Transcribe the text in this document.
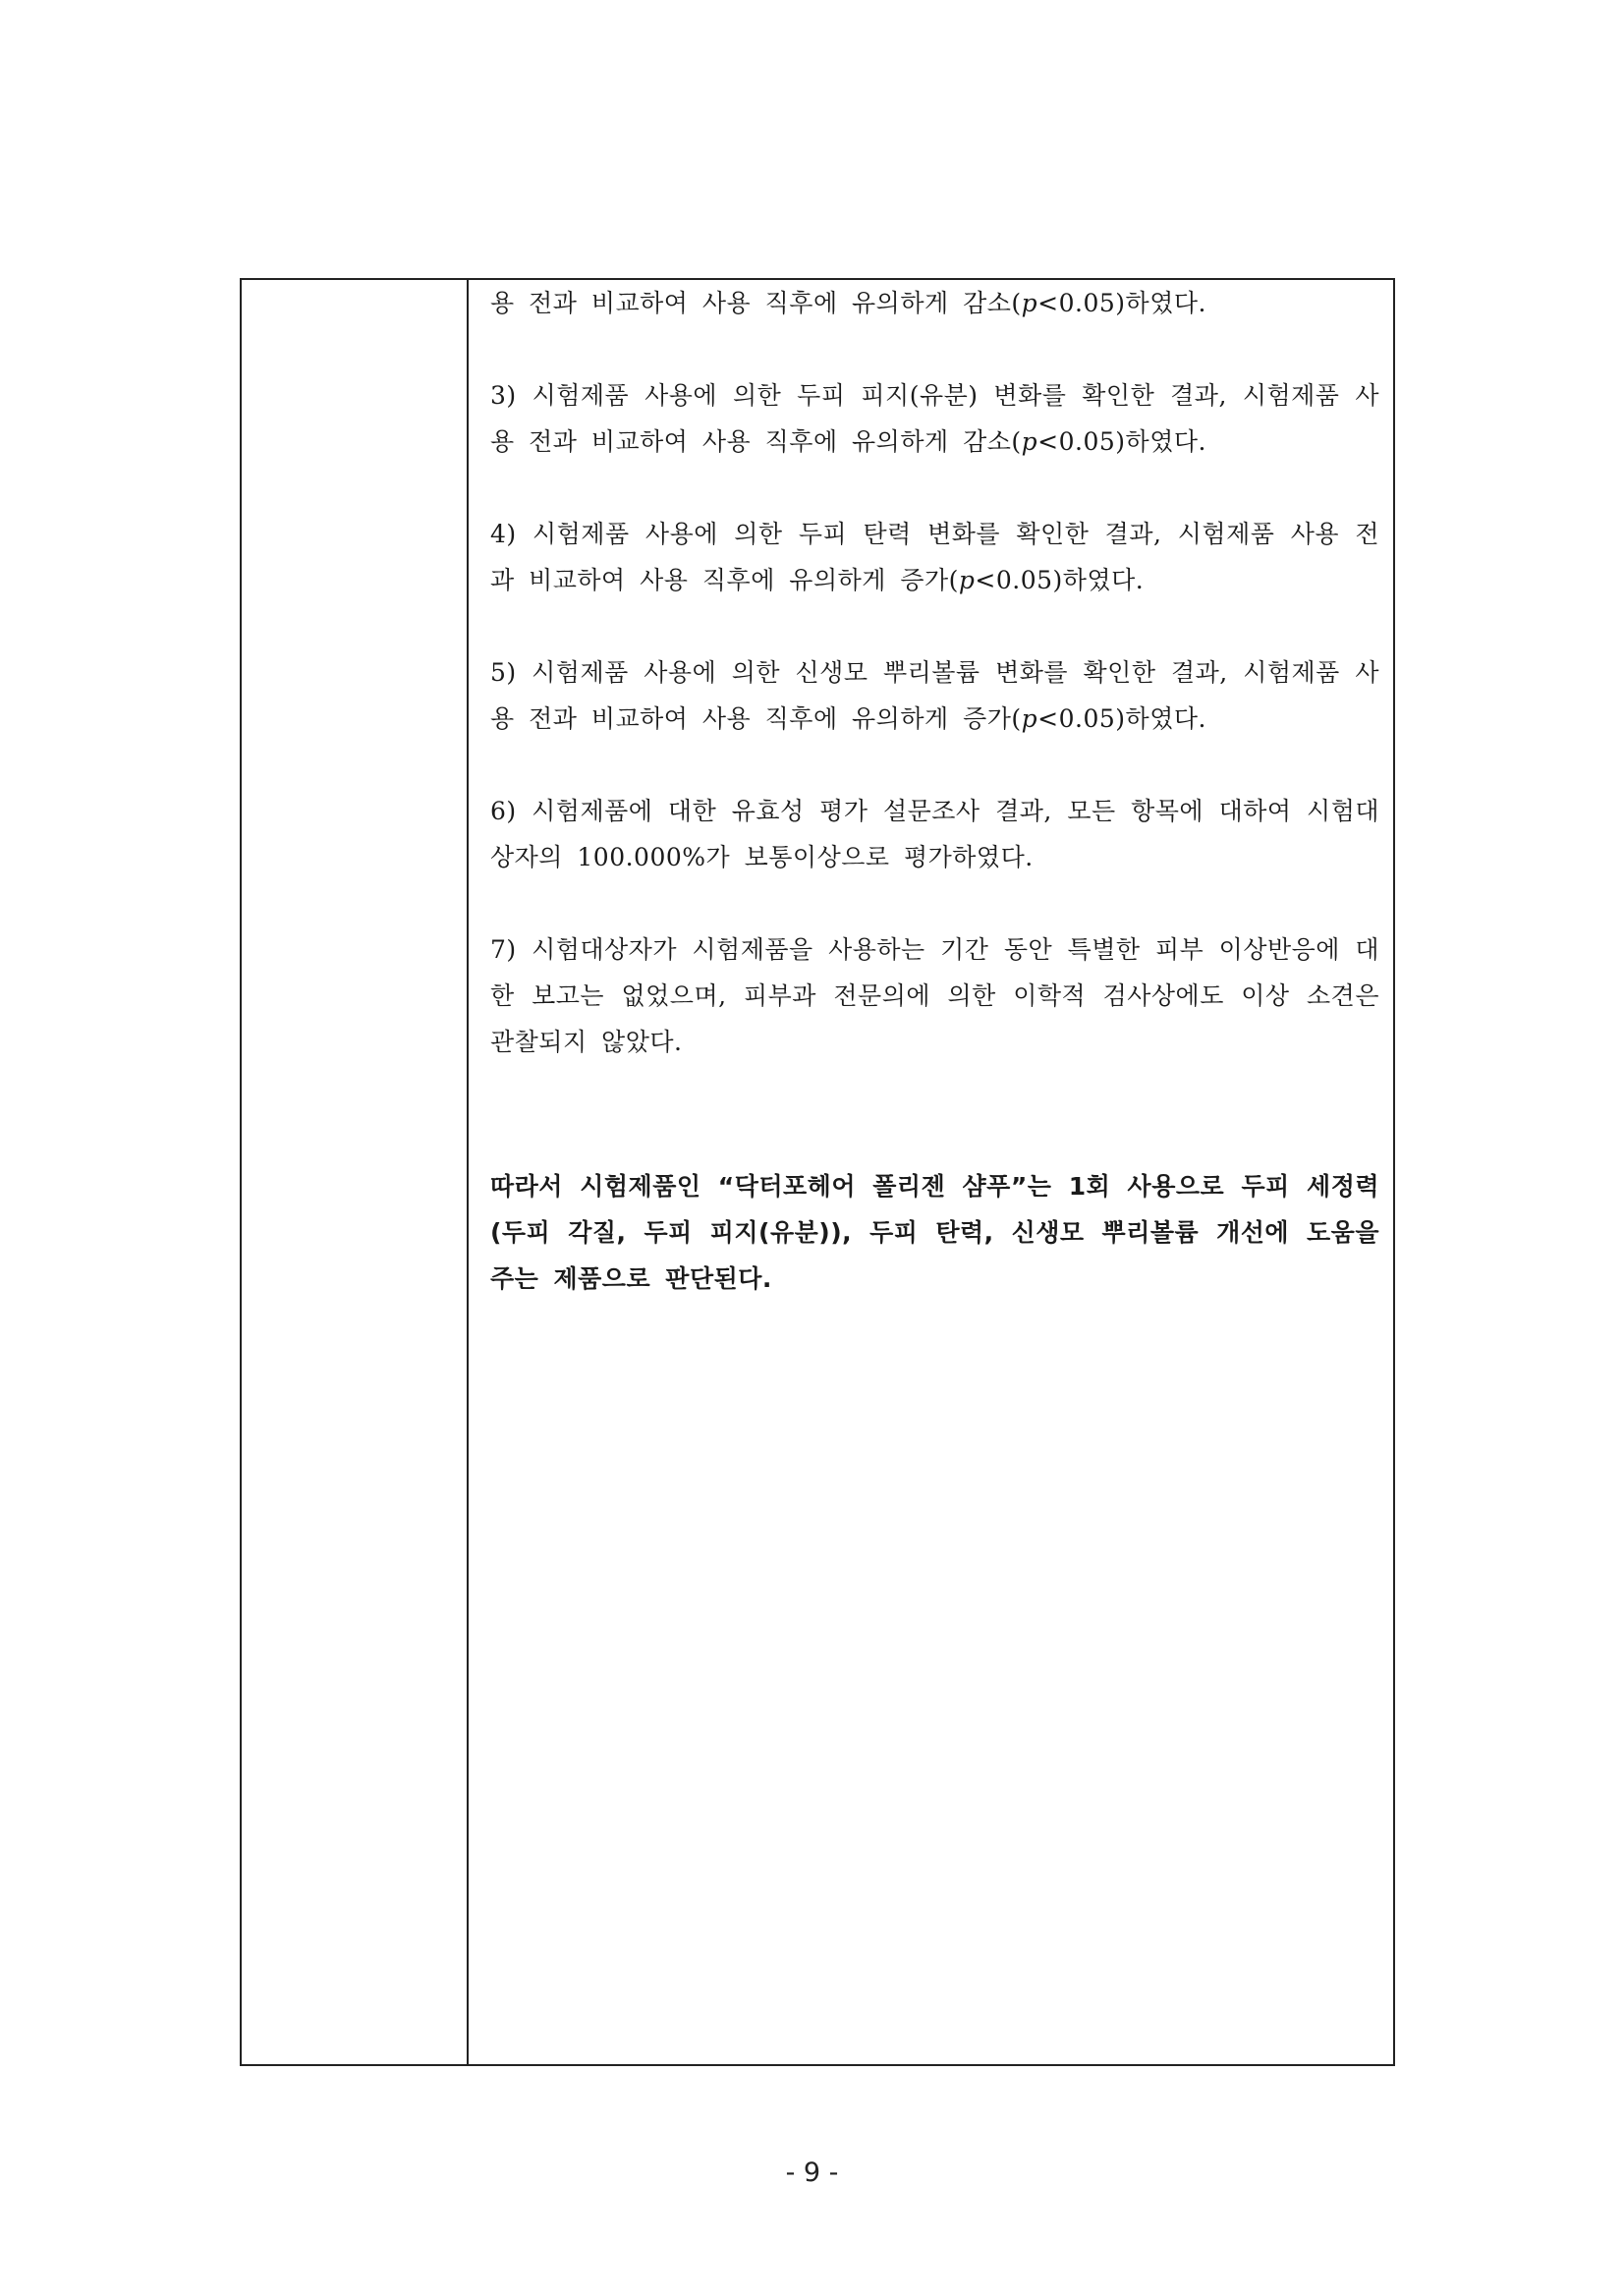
용 전과 비교하여 사용 직후에 유의하게 감소(p<0.05)하였다.

3) 시험제품 사용에 의한 두피 피지(유분) 변화를 확인한 결과, 시험제품 사용 전과 비교하여 사용 직후에 유의하게 감소(p<0.05)하였다.

4) 시험제품 사용에 의한 두피 탄력 변화를 확인한 결과, 시험제품 사용 전과 비교하여 사용 직후에 유의하게 증가(p<0.05)하였다.

5) 시험제품 사용에 의한 신생모 뿌리볼륨 변화를 확인한 결과, 시험제품 사용 전과 비교하여 사용 직후에 유의하게 증가(p<0.05)하였다.

6) 시험제품에 대한 유효성 평가 설문조사 결과, 모든 항목에 대하여 시험대상자의 100.000%가 보통이상으로 평가하였다.

7) 시험대상자가 시험제품을 사용하는 기간 동안 특별한 피부 이상반응에 대한 보고는 없었으며, 피부과 전문의에 의한 이학적 검사상에도 이상 소견은 관찰되지 않았다.

따라서 시험제품인 “닥터포헤어 폴리젠 샴푸”는 1회 사용으로 두피 세정력(두피 각질, 두피 피지(유분)), 두피 탄력, 신생모 뿌리볼륨 개선에 도움을 주는 제품으로 판단된다.

- 9 -
